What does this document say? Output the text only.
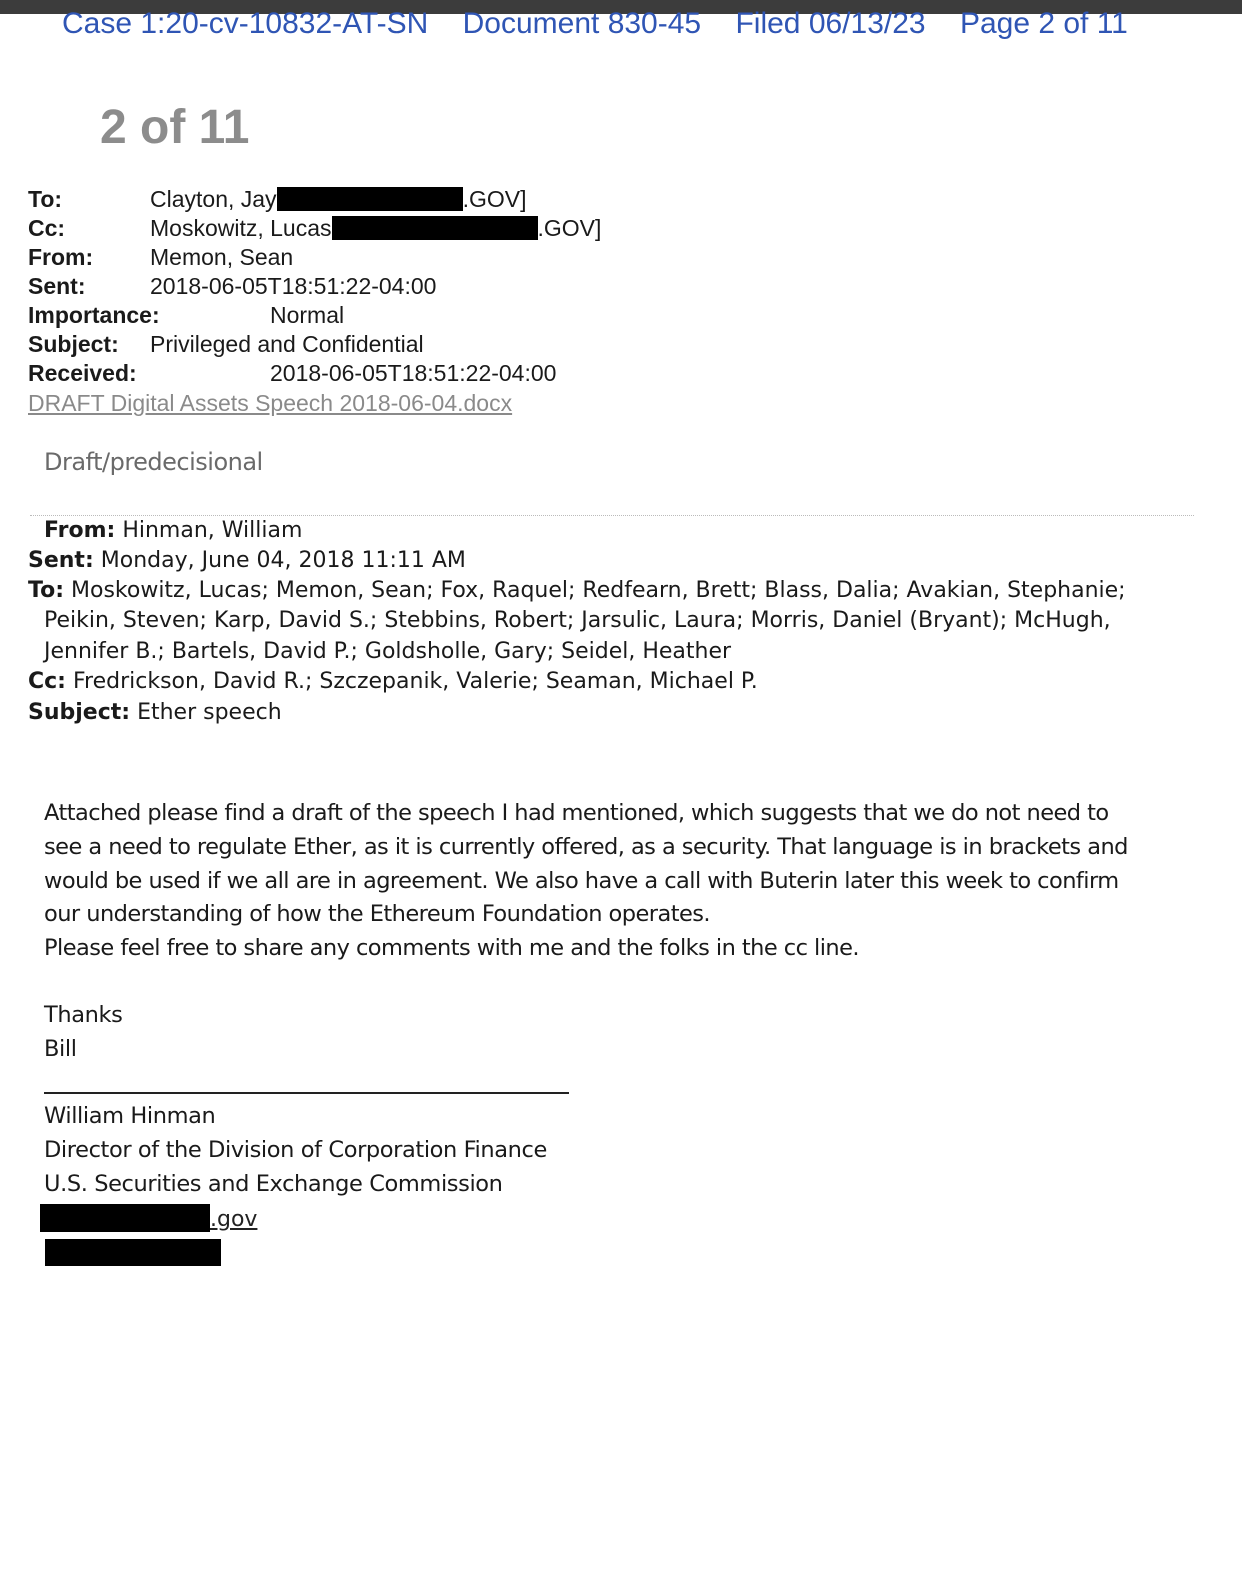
Case 1:20-cv-10832-AT-SN Document 830-45 Filed 06/13/23 Page 2 of 11
2 of 11
To:	Clayton, Jay	.GOV]
Cc:	Moskowitz, Lucas	.GOV]
From: Memon, Sean
Sent:	2018-06-05T18:51:22-04:00
Importance:	Normal
Subject: Privileged and Confidential
Received:	2018-06-05T18:51:22-04:00
DRAFT Digital Assets Speech 2018-06-04.docx
Draft/predecisional
From: Hinman, William
Sent: Monday, June 04, 2018 11:11 AM
To: Moskowitz, Lucas; Memon, Sean; Fox, Raquel; Redfearn, Brett; Blass, Dalia; Avakian, Stephanie;
Peikin, Steven; Karp, David S.; Stebbins, Robert; Jarsulic, Laura; Morris, Daniel (Bryant); McHugh,
Jennifer B.; Bartels, David P.; Goldsholle, Gary; Seidel, Heather
Cc: Fredrickson, David R.; Szczepanik, Valerie; Seaman, Michael P.
Subject: Ether speech

Attached please find a draft of the speech I had mentioned, which suggests that we do not need to

see a need to regulate Ether, as it is currently offered, as a security. That language is in brackets and

would be used if we all are in agreement. We also have a call with Buterin later this week to confirm

our understanding of how the Ethereum Foundation operates.

Please feel free to share any comments with me and the folks in the cc line.

Thanks
Bill
William Hinman
Director of the Division of Corporation Finance
U.S. Securities and Exchange Commission
.gov
